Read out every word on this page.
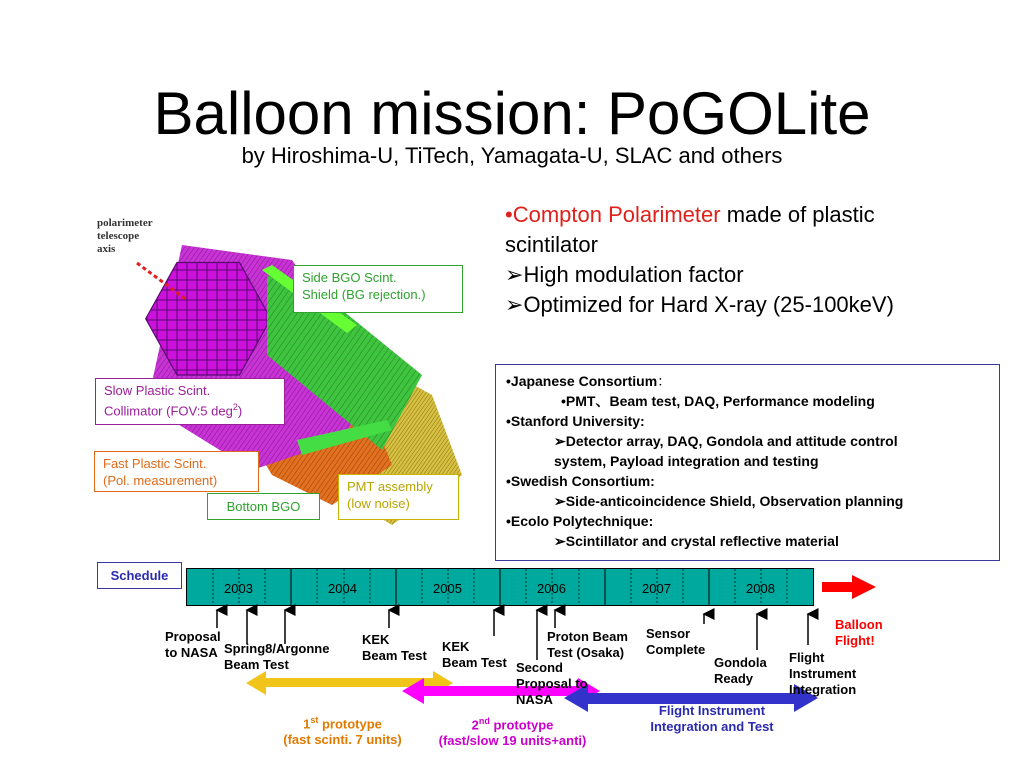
Balloon mission: PoGOLite
by Hiroshima-U, TiTech, Yamagata-U, SLAC and others
polarimeter
telescope
axis
Side BGO Scint.
Shield (BG rejection.)
Slow Plastic Scint.
Collimator (FOV:5 deg$^2$)
Fast Plastic Scint.
(Pol. measurement)
Bottom BGO
PMT assembly
(low noise)
•Compton Polarimeter made of plastic
scintilator
➢High modulation factor
➢Optimized for Hard X-ray (25-100keV)
•Japanese Consortium：
•PMT、Beam test, DAQ, Performance modeling
•Stanford University:
➢Detector array, DAQ, Gondola and attitude control
system, Payload integration and testing
•Swedish Consortium:
➢Side-anticoincidence Shield, Observation planning
•Ecolo Polytechnique:
➢Scintillator and crystal reflective material
Schedule
2003	2004	2005	2006	2007	2008
Proposal
to NASA Spring8/Argonne
Beam Test
KEK
Beam Test
KEK
Beam Test Second
Proposal to
NASA
Proton Beam
Test (Osaka)
Sensor
Complete
Gondola
Ready
Flight
Instrument
Integration
Balloon
Flight!
1st prototype
(fast scinti. 7 units)
2nd prototype
(fast/slow 19 units+anti)
Flight Instrument
Integration and Test
